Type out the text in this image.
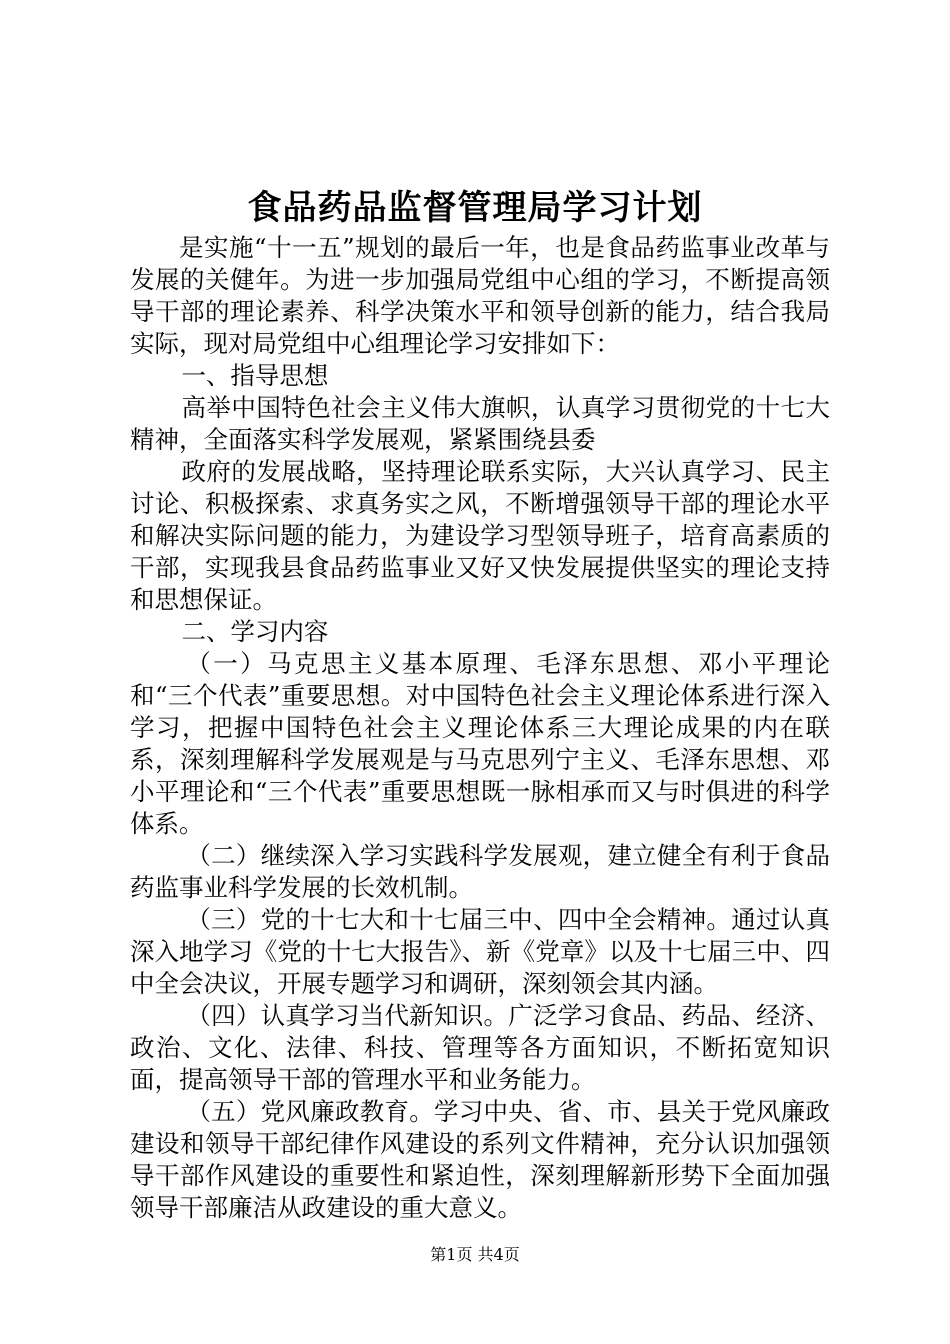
食品药品监督管理局学习计划

是实施“十一五”规划的最后一年，也是食品药监事业改革与发展的关健年。为进一步加强局党组中心组的学习，不断提高领导干部的理论素养、科学决策水平和领导创新的能力，结合我局实际，现对局党组中心组理论学习安排如下：

一、指导思想

高举中国特色社会主义伟大旗帜，认真学习贯彻党的十七大精神，全面落实科学发展观，紧紧围绕县委

政府的发展战略，坚持理论联系实际，大兴认真学习、民主讨论、积极探索、求真务实之风，不断增强领导干部的理论水平和解决实际问题的能力，为建设学习型领导班子，培育高素质的干部，实现我县食品药监事业又好又快发展提供坚实的理论支持和思想保证。

二、学习内容

（一）马克思主义基本原理、毛泽东思想、邓小平理论和“三个代表”重要思想。对中国特色社会主义理论体系进行深入学习，把握中国特色社会主义理论体系三大理论成果的内在联系，深刻理解科学发展观是与马克思列宁主义、毛泽东思想、邓小平理论和“三个代表”重要思想既一脉相承而又与时俱进的科学体系。

（二）继续深入学习实践科学发展观，建立健全有利于食品药监事业科学发展的长效机制。

（三）党的十七大和十七届三中、四中全会精神。通过认真深入地学习《党的十七大报告》、新《党章》以及十七届三中、四中全会决议，开展专题学习和调研，深刻领会其内涵。

（四）认真学习当代新知识。广泛学习食品、药品、经济、政治、文化、法律、科技、管理等各方面知识，不断拓宽知识面，提高领导干部的管理水平和业务能力。

（五）党风廉政教育。学习中央、省、市、县关于党风廉政建设和领导干部纪律作风建设的系列文件精神，充分认识加强领导干部作风建设的重要性和紧迫性，深刻理解新形势下全面加强领导干部廉洁从政建设的重大意义。

第1页 共4页
